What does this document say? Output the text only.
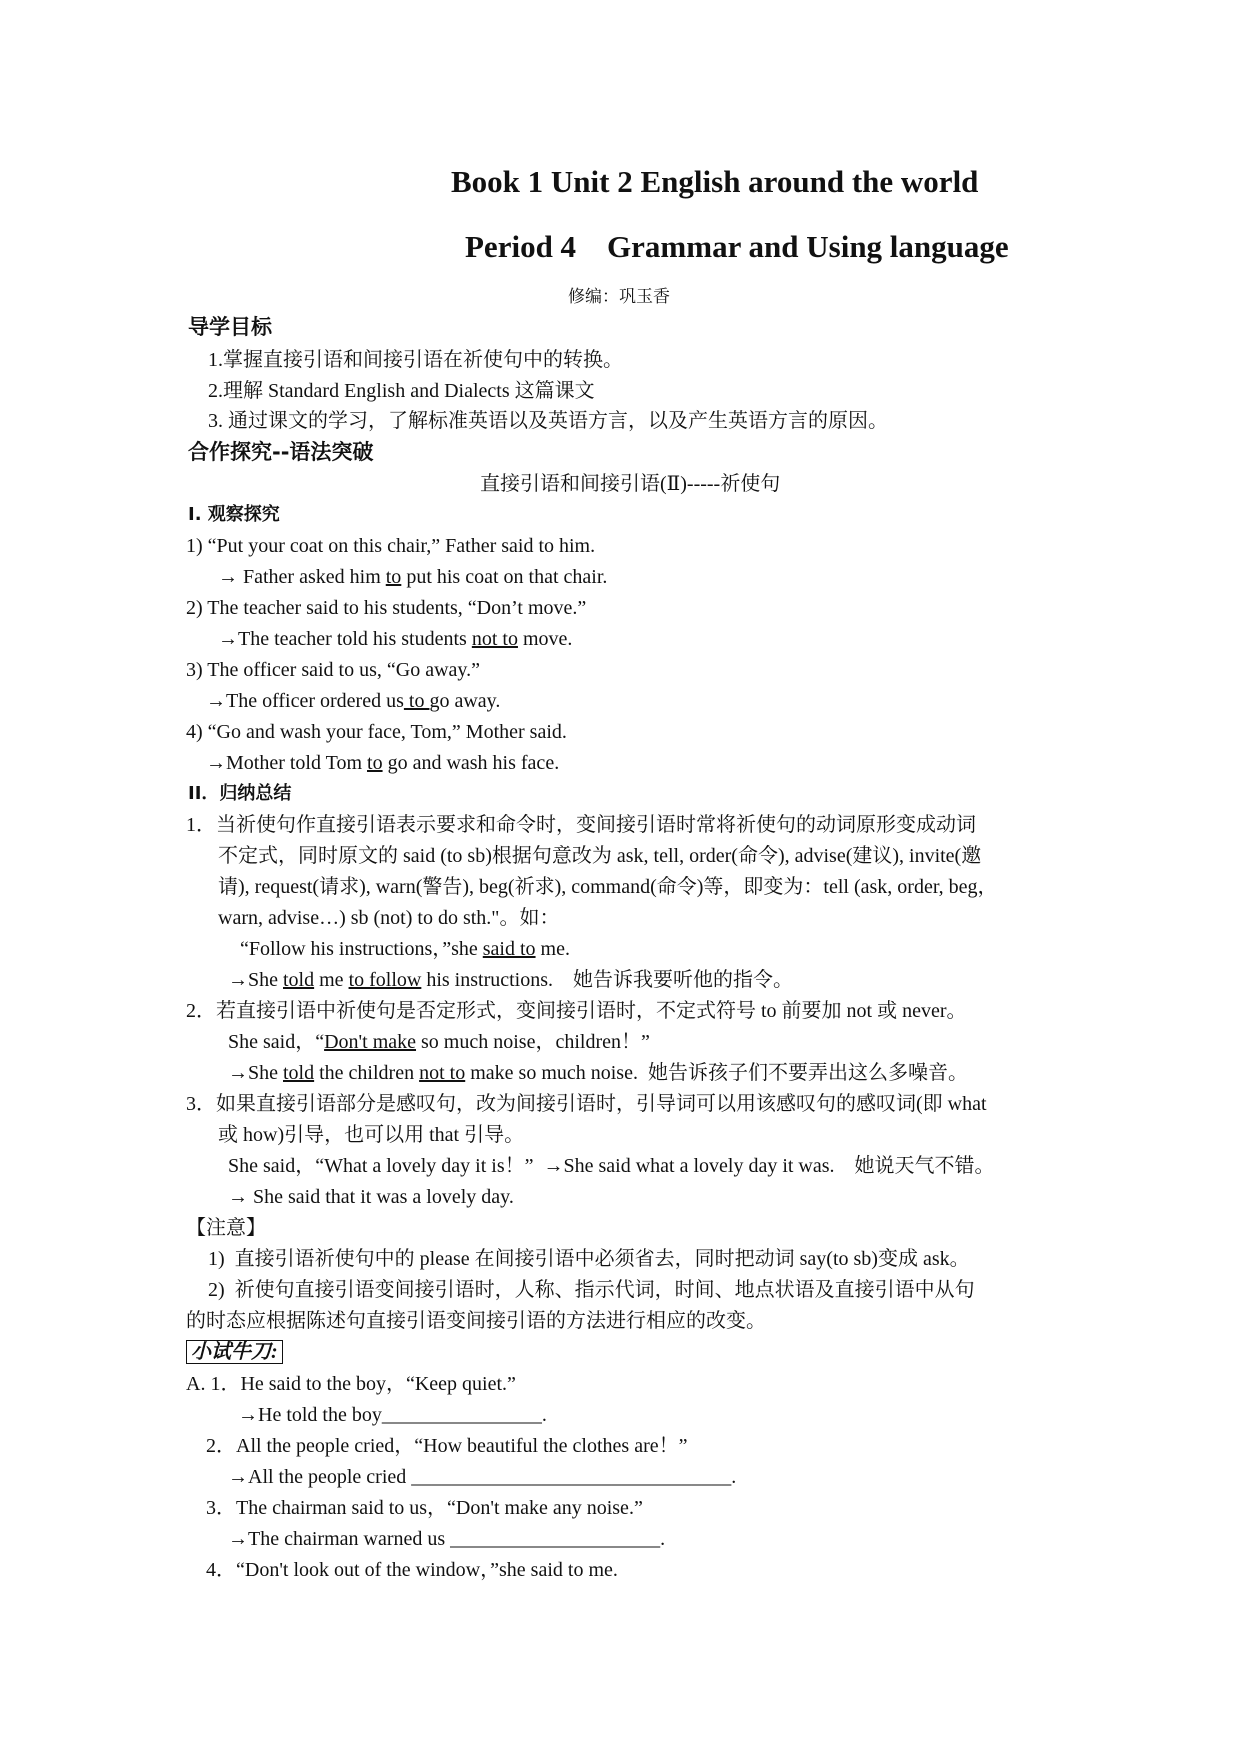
Book 1 Unit 2 English around the world
Period 4    Grammar and Using language
修编：巩玉香
导学目标
1.掌握直接引语和间接引语在祈使句中的转换。
2.理解 Standard English and Dialects 这篇课文
3. 通过课文的学习，了解标准英语以及英语方言，以及产生英语方言的原因。
合作探究--语法突破
直接引语和间接引语(Ⅱ)-----祈使句
I. 观察探究
1) “Put your coat on this chair,” Father said to him.
→ Father asked him to put his coat on that chair.
2) The teacher said to his students, “Don’t move.”
→The teacher told his students not to move.
3) The officer said to us, “Go away.”
→The officer ordered us to go away.
4) “Go and wash your face, Tom,” Mother said.
→Mother told Tom to go and wash his face.
II．归纳总结
1．当祈使句作直接引语表示要求和命令时，变间接引语时常将祈使句的动词原形变成动词
不定式，同时原文的 said (to sb)根据句意改为 ask, tell, order(命令), advise(建议), invite(邀
请), request(请求), warn(警告), beg(祈求), command(命令)等，即变为：tell (ask, order, beg，
warn, advise…) sb (not) to do sth."。如：
“Follow his instructions，”she said to me.
→She told me to follow his instructions.    她告诉我要听他的指令。
2．若直接引语中祈使句是否定形式，变间接引语时，不定式符号 to 前要加 not 或 never。
She said，“Don't make so much noise，children！”
→She told the children not to make so much noise.  她告诉孩子们不要弄出这么多噪音。
3．如果直接引语部分是感叹句，改为间接引语时，引导词可以用该感叹句的感叹词(即 what
或 how)引导，也可以用 that 引导。
She said，“What a lovely day it is！”  →She said what a lovely day it was.    她说天气不错。
→ She said that it was a lovely day.
【注意】
1)  直接引语祈使句中的 please 在间接引语中必须省去，同时把动词 say(to sb)变成 ask。
2)  祈使句直接引语变间接引语时，人称、指示代词，时间、地点状语及直接引语中从句
的时态应根据陈述句直接引语变间接引语的方法进行相应的改变。
小试牛刀:
A. 1．He said to the boy，“Keep quiet.”
→He told the boy________________.
2．All the people cried，“How beautiful the clothes are！”
→All the people cried ________________________________.
3．The chairman said to us，“Don't make any noise.”
→The chairman warned us _____________________.
4．“Don't look out of the window，”she said to me.
